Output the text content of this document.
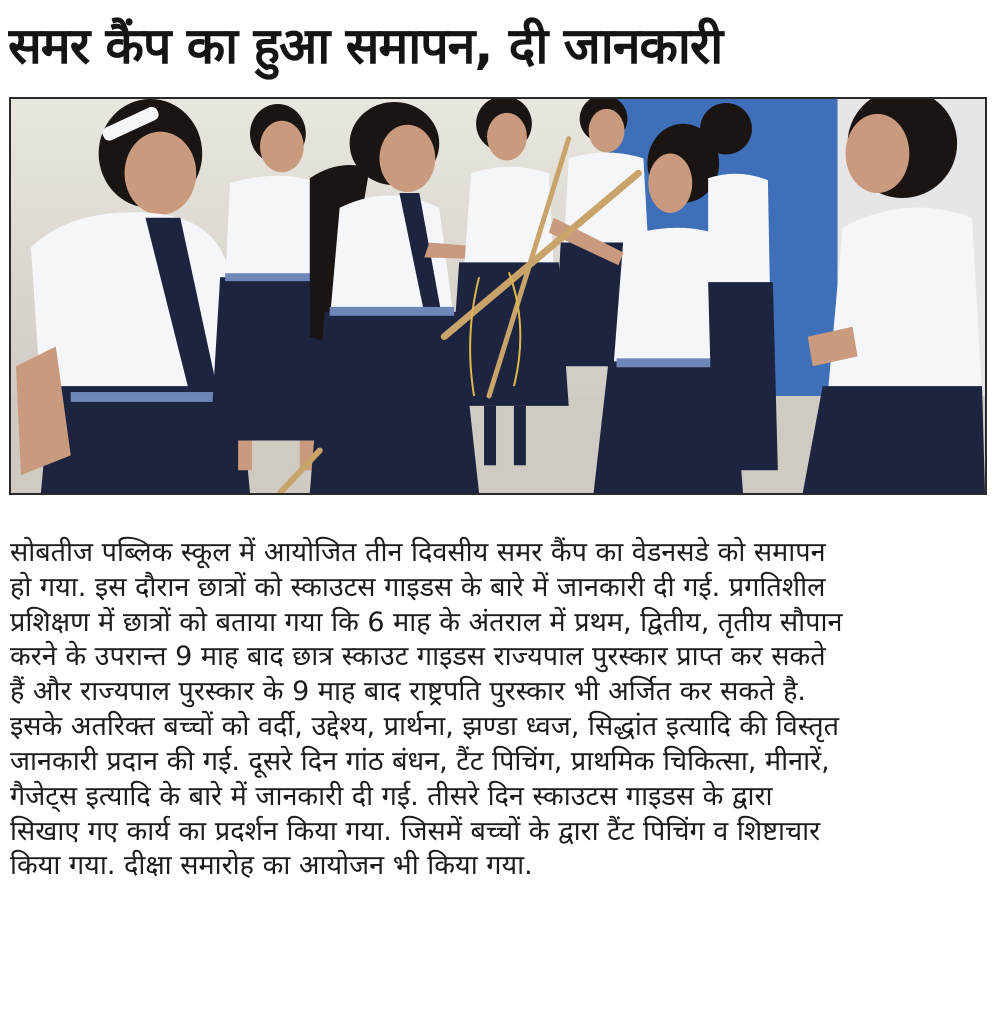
समर कैंप का हुआ समापन, दी जानकारी
सोबतीज पब्लिक स्कूल में आयोजित तीन दिवसीय समर कैंप का वेडनसडे को समापन
हो गया. इस दौरान छात्रों को स्काउटस गाइडस के बारे में जानकारी दी गई. प्रगतिशील
प्रशिक्षण में छात्रों को बताया गया कि 6 माह के अंतराल में प्रथम, द्वितीय, तृतीय सौपान
करने के उपरान्त 9 माह बाद छात्र स्काउट गाइडस राज्यपाल पुरस्कार प्राप्त कर सकते
हैं और राज्यपाल पुरस्कार के 9 माह बाद राष्ट्रपति पुरस्कार भी अर्जित कर सकते है.
इसके अतरिक्त बच्चों को वर्दी, उद्देश्य, प्रार्थना, झण्डा ध्वज, सिद्धांत इत्यादि की विस्तृत
जानकारी प्रदान की गई. दूसरे दिन गांठ बंधन, टैंट पिचिंग, प्राथमिक चिकित्सा, मीनारें,
गैजेट्स इत्यादि के बारे में जानकारी दी गई. तीसरे दिन स्काउटस गाइडस के द्वारा
सिखाए गए कार्य का प्रदर्शन किया गया. जिसमें बच्चों के द्वारा टैंट पिचिंग व शिष्टाचार
किया गया. दीक्षा समारोह का आयोजन भी किया गया.
